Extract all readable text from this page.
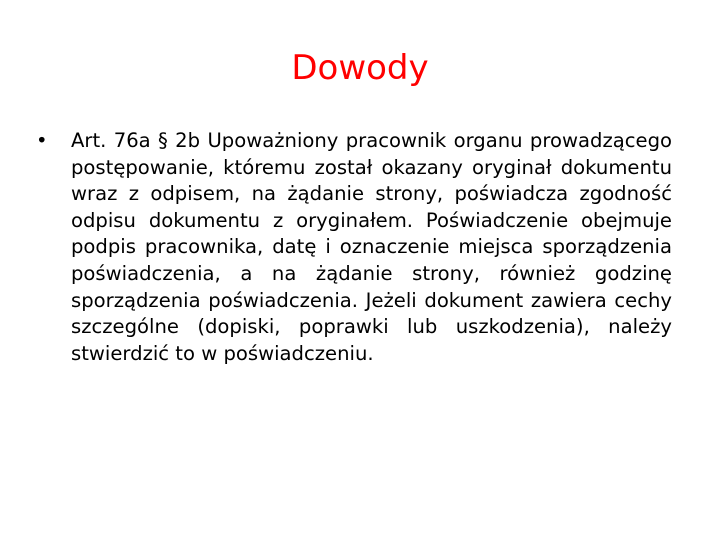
Dowody
•	Art. 76a § 2b Upoważniony pracownik organu prowadzącego postępowanie, któremu został okazany oryginał dokumentu wraz z odpisem, na żądanie strony, poświadcza zgodność odpisu dokumentu z oryginałem. Poświadczenie obejmuje podpis pracownika, datę i oznaczenie miejsca sporządzenia poświadczenia, a na żądanie strony, również godzinę sporządzenia poświadczenia. Jeżeli dokument zawiera cechy szczególne (dopiski, poprawki lub uszkodzenia), należy stwierdzić to w poświadczeniu.
